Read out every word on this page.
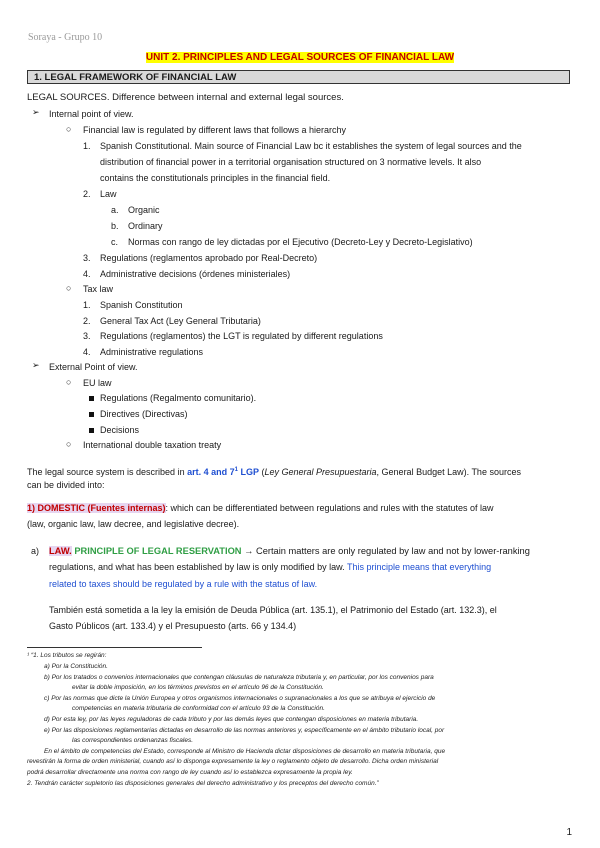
Soraya - Grupo 10
UNIT 2. PRINCIPLES AND LEGAL SOURCES OF FINANCIAL LAW
1. LEGAL FRAMEWORK OF FINANCIAL LAW
LEGAL SOURCES. Difference between internal and external legal sources.
➢ Internal point of view.
○ Financial law is regulated by different laws that follows a hierarchy
1. Spanish Constitutional. Main source of Financial Law bc it establishes the system of legal sources and the
distribution of financial power in a territorial organisation structured on 3 normative levels. It also
contains the constitutionals principles in the financial field.
2. Law
a. Organic
b. Ordinary
c. Normas con rango de ley dictadas por el Ejecutivo (Decreto-Ley y Decreto-Legislativo)
3. Regulations (reglamentos aprobado por Real-Decreto)
4. Administrative decisions (órdenes ministeriales)
○ Tax law
1. Spanish Constitution
2. General Tax Act (Ley General Tributaria)
3. Regulations (reglamentos) the LGT is regulated by different regulations
4. Administrative regulations
➢ External Point of view.
○ EU law
Regulations (Regalmento comunitario).
Directives (Directivas)
Decisions
○ International double taxation treaty
The legal source system is described in art. 4 and $7^1$ LGP (Ley General Presupuestaria, General Budget Law). The sources
can be divided into:
1) DOMESTIC (Fuentes internas): which can be differentiated between regulations and rules with the statutes of law
(law, organic law, law decree, and legislative decree).
a) LAW. PRINCIPLE OF LEGAL RESERVATION → Certain matters are only regulated by law and not by lower-ranking
regulations, and what has been established by law is only modified by law. This principle means that everything
related to taxes should be regulated by a rule with the status of law.
También está sometida a la ley la emisión de Deuda Pública (art. 135.1), el Patrimonio del Estado (art. 132.3), el
Gasto Públicos (art. 133.4) y el Presupuesto (arts. 66 y 134.4)
¹ “1. Los tributos se regirán:
a) Por la Constitución.
b) Por los tratados o convenios internacionales que contengan cláusulas de naturaleza tributaria y, en particular, por los convenios para
evitar la doble imposición, en los términos previstos en el artículo 96 de la Constitución.
c) Por las normas que dicte la Unión Europea y otros organismos internacionales o supranacionales a los que se atribuya el ejercicio de
competencias en materia tributaria de conformidad con el artículo 93 de la Constitución.
d) Por esta ley, por las leyes reguladoras de cada tributo y por las demás leyes que contengan disposiciones en materia tributaria.
e) Por las disposiciones reglamentarias dictadas en desarrollo de las normas anteriores y, específicamente en el ámbito tributario local, por
las correspondientes ordenanzas fiscales.
En el ámbito de competencias del Estado, corresponde al Ministro de Hacienda dictar disposiciones de desarrollo en materia tributaria, que
revestirán la forma de orden ministerial, cuando así lo disponga expresamente la ley o reglamento objeto de desarrollo. Dicha orden ministerial
podrá desarrollar directamente una norma con rango de ley cuando así lo establezca expresamente la propia ley.
2. Tendrán carácter supletorio las disposiciones generales del derecho administrativo y los preceptos del derecho común.”
1
